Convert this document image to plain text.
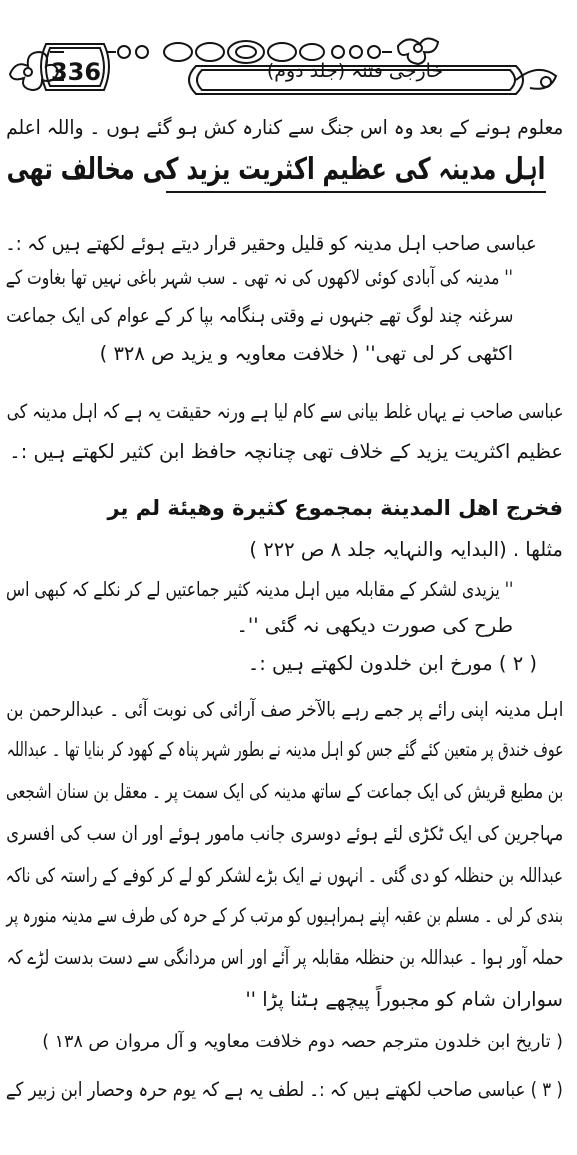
336	خارجی فتنہ (جلد دوم)
معلوم ہونے کے بعد وہ اس جنگ سے کنارہ کش ہو گئے ہوں ۔ واللہ اعلم
اہل مدینہ کی عظیم اکثریت یزید کی مخالف تھی
عباسی صاحب اہل مدینہ کو قلیل وحقیر قرار دیتے ہوئے لکھتے ہیں کہ :۔
'' مدینہ کی آبادی کوئی لاکھوں کی نہ تھی ۔ سب شہر باغی نہیں تھا بغاوت کے
سرغنہ چند لوگ تھے جنہوں نے وقتی ہنگامہ بپا کر کے عوام کی ایک جماعت
اکٹھی کر لی تھی'' ( خلافت معاویہ و یزید ص ۳۲۸ )
عباسی صاحب نے یہاں غلط بیانی سے کام لیا ہے ورنہ حقیقت یہ ہے کہ اہل مدینہ کی
عظیم اکثریت یزید کے خلاف تھی چنانچہ حافظ ابن کثیر لکھتے ہیں :۔
فخرج اهل المدينة بمجموع كثيرة وهيئة لم ير
مثلها . (البدایہ والنہایہ جلد ۸ ص ۲۲۲ )
'' یزیدی لشکر کے مقابلہ میں اہل مدینہ کثیر جماعتیں لے کر نکلے کہ کبھی اس
طرح کی صورت دیکھی نہ گئی ''۔
( ۲ ) مورخ ابن خلدون لکھتے ہیں :۔
اہل مدینہ اپنی رائے پر جمے رہے بالآخر صف آرائی کی نوبت آئی ۔ عبدالرحمن بن
عوف خندق پر متعین کئے گئے جس کو اہل مدینہ نے بطور شہر پناہ کے کھود کر بنایا تھا ۔ عبداللہ
بن مطیع قریش کی ایک جماعت کے ساتھ مدینہ کی ایک سمت پر ۔ معقل بن سنان اشجعی
مہاجرین کی ایک ٹکڑی لئے ہوئے دوسری جانب مامور ہوئے اور ان سب کی افسری
عبداللہ بن حنظلہ کو دی گئی ۔ انہوں نے ایک بڑے لشکر کو لے کر کوفے کے راستہ کی ناکہ
بندی کر لی ۔ مسلم بن عقبہ اپنے ہمراہیوں کو مرتب کر کے حرہ کی طرف سے مدینہ منورہ پر
حملہ آور ہوا ۔ عبداللہ بن حنظلہ مقابلہ پر آئے اور اس مردانگی سے دست بدست لڑے کہ
سواران شام کو مجبوراً پیچھے ہٹنا پڑا ''
( تاریخ ابن خلدون مترجم حصہ دوم خلافت معاویہ و آل مروان ص ۱۳۸ )
( ۳ ) عباسی صاحب لکھتے ہیں کہ :۔ لطف یہ ہے کہ یوم حرہ وحصار ابن زبیر کے
